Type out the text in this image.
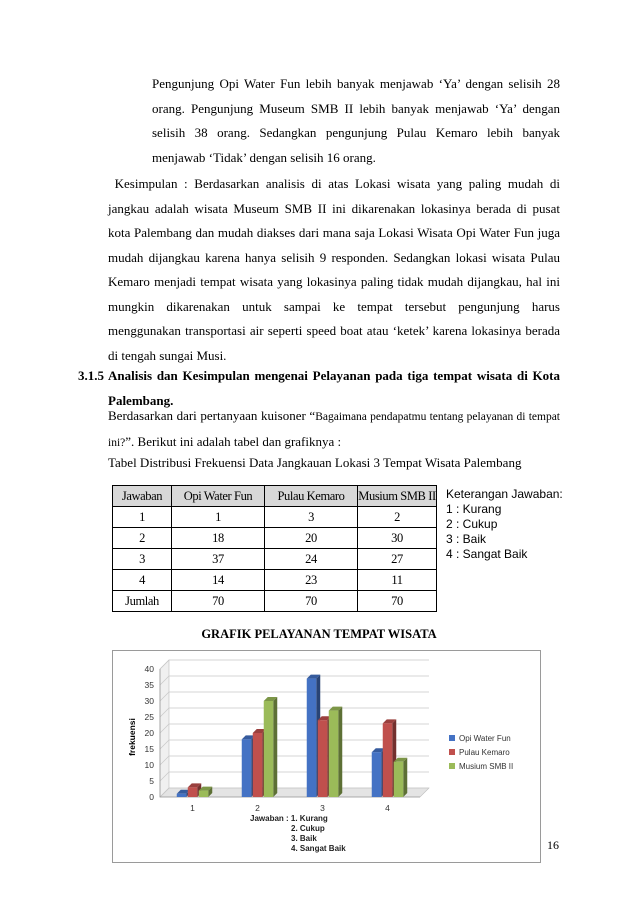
Pengunjung Opi Water Fun lebih banyak menjawab ‘Ya’ dengan selisih 28
orang. Pengunjung Museum SMB II lebih banyak menjawab ‘Ya’ dengan
selisih 38 orang. Sedangkan pengunjung Pulau Kemaro lebih banyak
menjawab ‘Tidak’ dengan selisih 16 orang.
Kesimpulan : Berdasarkan analisis di atas Lokasi wisata yang paling mudah di
jangkau adalah wisata Museum SMB II ini dikarenakan lokasinya berada di pusat
kota Palembang dan mudah diakses dari mana saja Lokasi Wisata Opi Water Fun juga
mudah dijangkau karena hanya selisih 9 responden. Sedangkan lokasi wisata Pulau
Kemaro menjadi tempat wisata yang lokasinya paling tidak mudah dijangkau, hal ini
mungkin dikarenakan untuk sampai ke tempat tersebut pengunjung harus
menggunakan transportasi air seperti speed boat atau ‘ketek’ karena lokasinya berada
di tengah sungai Musi.
3.1.5 Analisis dan Kesimpulan mengenai Pelayanan pada tiga tempat wisata di Kota
Palembang.
Berdasarkan dari pertanyaan kuisoner “Bagaimana pendapatmu tentang pelayanan di tempat
ini?”. Berikut ini adalah tabel dan grafiknya :
Tabel Distribusi Frekuensi Data Jangkauan Lokasi 3 Tempat Wisata Palembang
Jawaban	Opi Water Fun	Pulau Kemaro	Musium SMB II
1	1	3	2
2	18	20	30
3	37	24	27
4	14	23	11
Jumlah	70	70	70
Keterangan Jawaban:
1 : Kurang
2 : Cukup
3 : Baik
4 : Sangat Baik
GRAFIK PELAYANAN TEMPAT WISATA
0
5
10
15
20
25
30
35
40
frekuensi
1	2	3	4
Opi Water Fun
Pulau Kemaro
Musium SMB II
Jawaban : 1. Kurang
2. Cukup
3. Baik
4. Sangat Baik	16
